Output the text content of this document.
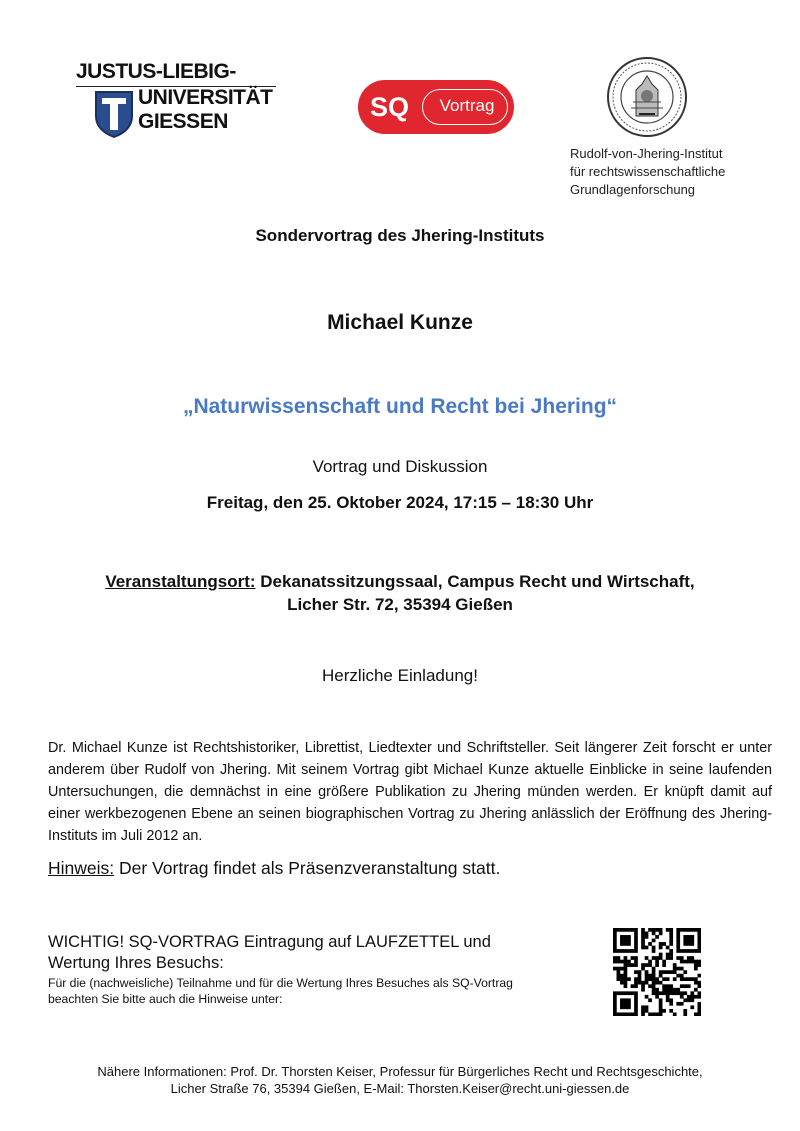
JUSTUS-LIEBIG-
UNIVERSITÄT
GIESSEN	SQ	Vortrag
Rudolf-von-Jhering-Institut
für rechtswissenschaftliche
Grundlagenforschung
Sondervortrag des Jhering-Instituts
Michael Kunze
„Naturwissenschaft und Recht bei Jhering“
Vortrag und Diskussion
Freitag, den 25. Oktober 2024, 17:15 – 18:30 Uhr
Veranstaltungsort: Dekanatssitzungssaal, Campus Recht und Wirtschaft,
Licher Str. 72, 35394 Gießen
Herzliche Einladung!
Dr. Michael Kunze ist Rechtshistoriker, Librettist, Liedtexter und Schriftsteller. Seit längerer Zeit forscht er unter anderem über Rudolf von Jhering. Mit seinem Vortrag gibt Michael Kunze aktuelle Einblicke in seine laufenden Untersuchungen, die demnächst in eine größere Publikation zu Jhering münden werden. Er knüpft damit auf einer werkbezogenen Ebene an seinen biographischen Vortrag zu Jhering anlässlich der Eröffnung des Jhering-Instituts im Juli 2012 an.
Hinweis: Der Vortrag findet als Präsenzveranstaltung statt.
WICHTIG! SQ-VORTRAG Eintragung auf LAUFZETTEL und
Wertung Ihres Besuchs:
Für die (nachweisliche) Teilnahme und für die Wertung Ihres Besuches als SQ-Vortrag
beachten Sie bitte auch die Hinweise unter:
Nähere Informationen: Prof. Dr. Thorsten Keiser, Professur für Bürgerliches Recht und Rechtsgeschichte,
Licher Straße 76, 35394 Gießen, E-Mail: Thorsten.Keiser@recht.uni-giessen.de
